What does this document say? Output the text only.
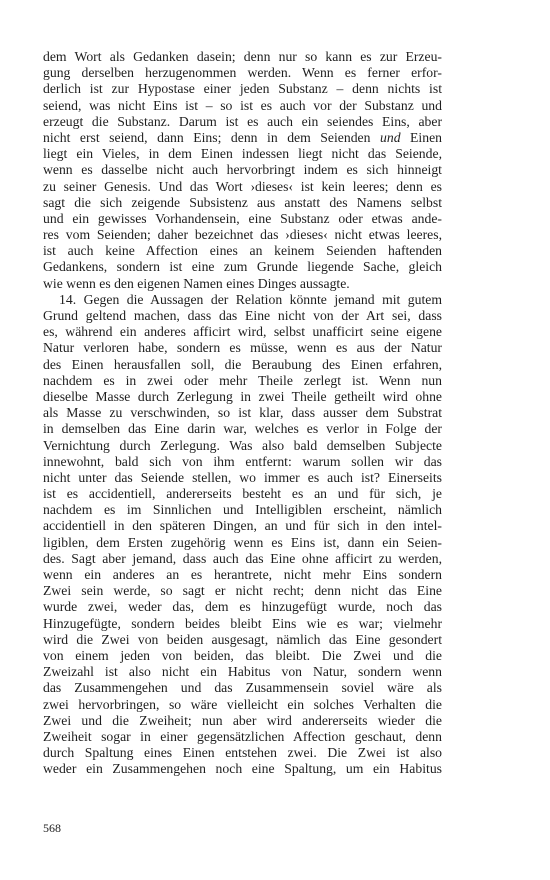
dem Wort als Gedanken dasein; denn nur so kann es zur Erzeu-
gung derselben herzugenommen werden. Wenn es ferner erfor-
derlich ist zur Hypostase einer jeden Substanz – denn nichts ist
seiend, was nicht Eins ist – so ist es auch vor der Substanz und
erzeugt die Substanz. Darum ist es auch ein seiendes Eins, aber
nicht erst seiend, dann Eins; denn in dem Seienden und Einen
liegt ein Vieles, in dem Einen indessen liegt nicht das Seiende,
wenn es dasselbe nicht auch hervorbringt indem es sich hinneigt
zu seiner Genesis. Und das Wort ›dieses‹ ist kein leeres; denn es
sagt die sich zeigende Subsistenz aus anstatt des Namens selbst
und ein gewisses Vorhandensein, eine Substanz oder etwas ande-
res vom Seienden; daher bezeichnet das ›dieses‹ nicht etwas leeres,
ist auch keine Affection eines an keinem Seienden haftenden
Gedankens, sondern ist eine zum Grunde liegende Sache, gleich
wie wenn es den eigenen Namen eines Dinges aussagte.
14. Gegen die Aussagen der Relation könnte jemand mit gutem
Grund geltend machen, dass das Eine nicht von der Art sei, dass
es, während ein anderes afficirt wird, selbst unafficirt seine eigene
Natur verloren habe, sondern es müsse, wenn es aus der Natur
des Einen herausfallen soll, die Beraubung des Einen erfahren,
nachdem es in zwei oder mehr Theile zerlegt ist. Wenn nun
dieselbe Masse durch Zerlegung in zwei Theile getheilt wird ohne
als Masse zu verschwinden, so ist klar, dass ausser dem Substrat
in demselben das Eine darin war, welches es verlor in Folge der
Vernichtung durch Zerlegung. Was also bald demselben Subjecte
innewohnt, bald sich von ihm entfernt: warum sollen wir das
nicht unter das Seiende stellen, wo immer es auch ist? Einerseits
ist es accidentiell, andererseits besteht es an und für sich, je
nachdem es im Sinnlichen und Intelligiblen erscheint, nämlich
accidentiell in den späteren Dingen, an und für sich in den intel-
ligiblen, dem Ersten zugehörig wenn es Eins ist, dann ein Seien-
des. Sagt aber jemand, dass auch das Eine ohne afficirt zu werden,
wenn ein anderes an es herantrete, nicht mehr Eins sondern
Zwei sein werde, so sagt er nicht recht; denn nicht das Eine
wurde zwei, weder das, dem es hinzugefügt wurde, noch das
Hinzugefügte, sondern beides bleibt Eins wie es war; vielmehr
wird die Zwei von beiden ausgesagt, nämlich das Eine gesondert
von einem jeden von beiden, das bleibt. Die Zwei und die
Zweizahl ist also nicht ein Habitus von Natur, sondern wenn
das Zusammengehen und das Zusammensein soviel wäre als
zwei hervorbringen, so wäre vielleicht ein solches Verhalten die
Zwei und die Zweiheit; nun aber wird andererseits wieder die
Zweiheit sogar in einer gegensätzlichen Affection geschaut, denn
durch Spaltung eines Einen entstehen zwei. Die Zwei ist also
weder ein Zusammengehen noch eine Spaltung, um ein Habitus
568
